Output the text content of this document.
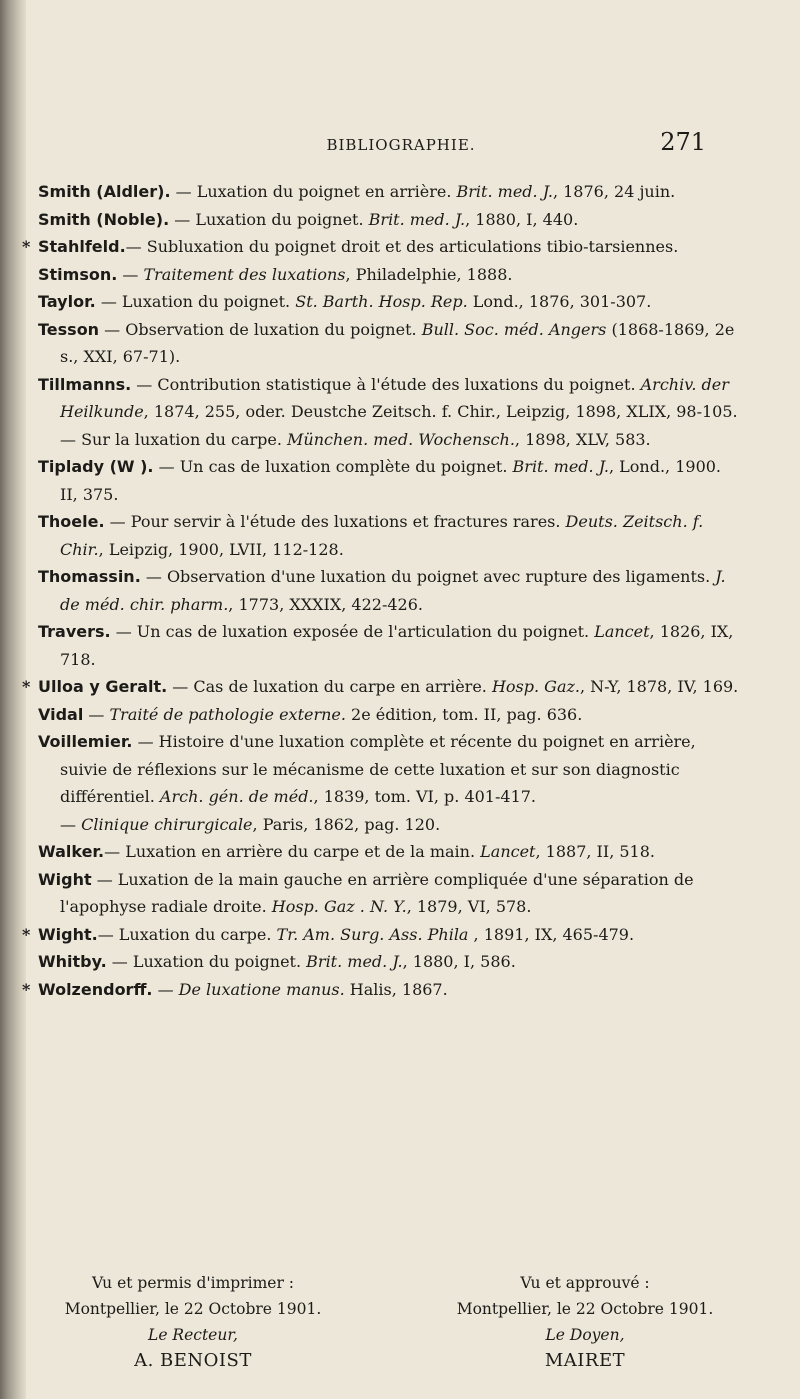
BIBLIOGRAPHIE.	271
Smith (Aldler). — Luxation du poignet en arrière. Brit. med. J., 1876, 24 juin.
Smith (Noble). — Luxation du poignet. Brit. med. J., 1880, I, 440.
* Stahlfeld.— Subluxation du poignet droit et des articulations tibio-tarsiennes.
Stimson. — Traitement des luxations, Philadelphie, 1888.
Taylor. — Luxation du poignet. St. Barth. Hosp. Rep. Lond., 1876, 301-307.
Tesson — Observation de luxation du poignet. Bull. Soc. méd. Angers (1868-1869, 2e s., XXI, 67-71).
Tillmanns. — Contribution statistique à l'étude des luxations du poignet. Archiv. der Heilkunde, 1874, 255, oder. Deustche Zeitsch. f. Chir., Leipzig, 1898, XLIX, 98-105.
— Sur la luxation du carpe. München. med. Wochensch., 1898, XLV, 583.
Tiplady (W ). — Un cas de luxation complète du poignet. Brit. med. J., Lond., 1900. II, 375.
Thoele. — Pour servir à l'étude des luxations et fractures rares. Deuts. Zeitsch. f. Chir., Leipzig, 1900, LVII, 112-128.
Thomassin. — Observation d'une luxation du poignet avec rupture des ligaments. J. de méd. chir. pharm., 1773, XXXIX, 422-426.
Travers. — Un cas de luxation exposée de l'articulation du poignet. Lancet, 1826, IX, 718.
* Ulloa y Geralt. — Cas de luxation du carpe en arrière. Hosp. Gaz., N-Y, 1878, IV, 169.
Vidal — Traité de pathologie externe. 2e édition, tom. II, pag. 636.
Voillemier. — Histoire d'une luxation complète et récente du poignet en arrière, suivie de réflexions sur le mécanisme de cette luxation et sur son diagnostic différentiel. Arch. gén. de méd., 1839, tom. VI, p. 401-417.
— Clinique chirurgicale, Paris, 1862, pag. 120.
Walker.— Luxation en arrière du carpe et de la main. Lancet, 1887, II, 518.
Wight — Luxation de la main gauche en arrière compliquée d'une séparation de l'apophyse radiale droite. Hosp. Gaz . N. Y., 1879, VI, 578.
* Wight.— Luxation du carpe. Tr. Am. Surg. Ass. Phila , 1891, IX, 465-479.
Whitby. — Luxation du poignet. Brit. med. J., 1880, I, 586.
* Wolzendorff. — De luxatione manus. Halis, 1867.
Vu et permis d'imprimer :
Montpellier, le 22 Octobre 1901.
Le Recteur,
A. BENOIST
Vu et approuvé :
Montpellier, le 22 Octobre 1901.
Le Doyen,
MAIRET
